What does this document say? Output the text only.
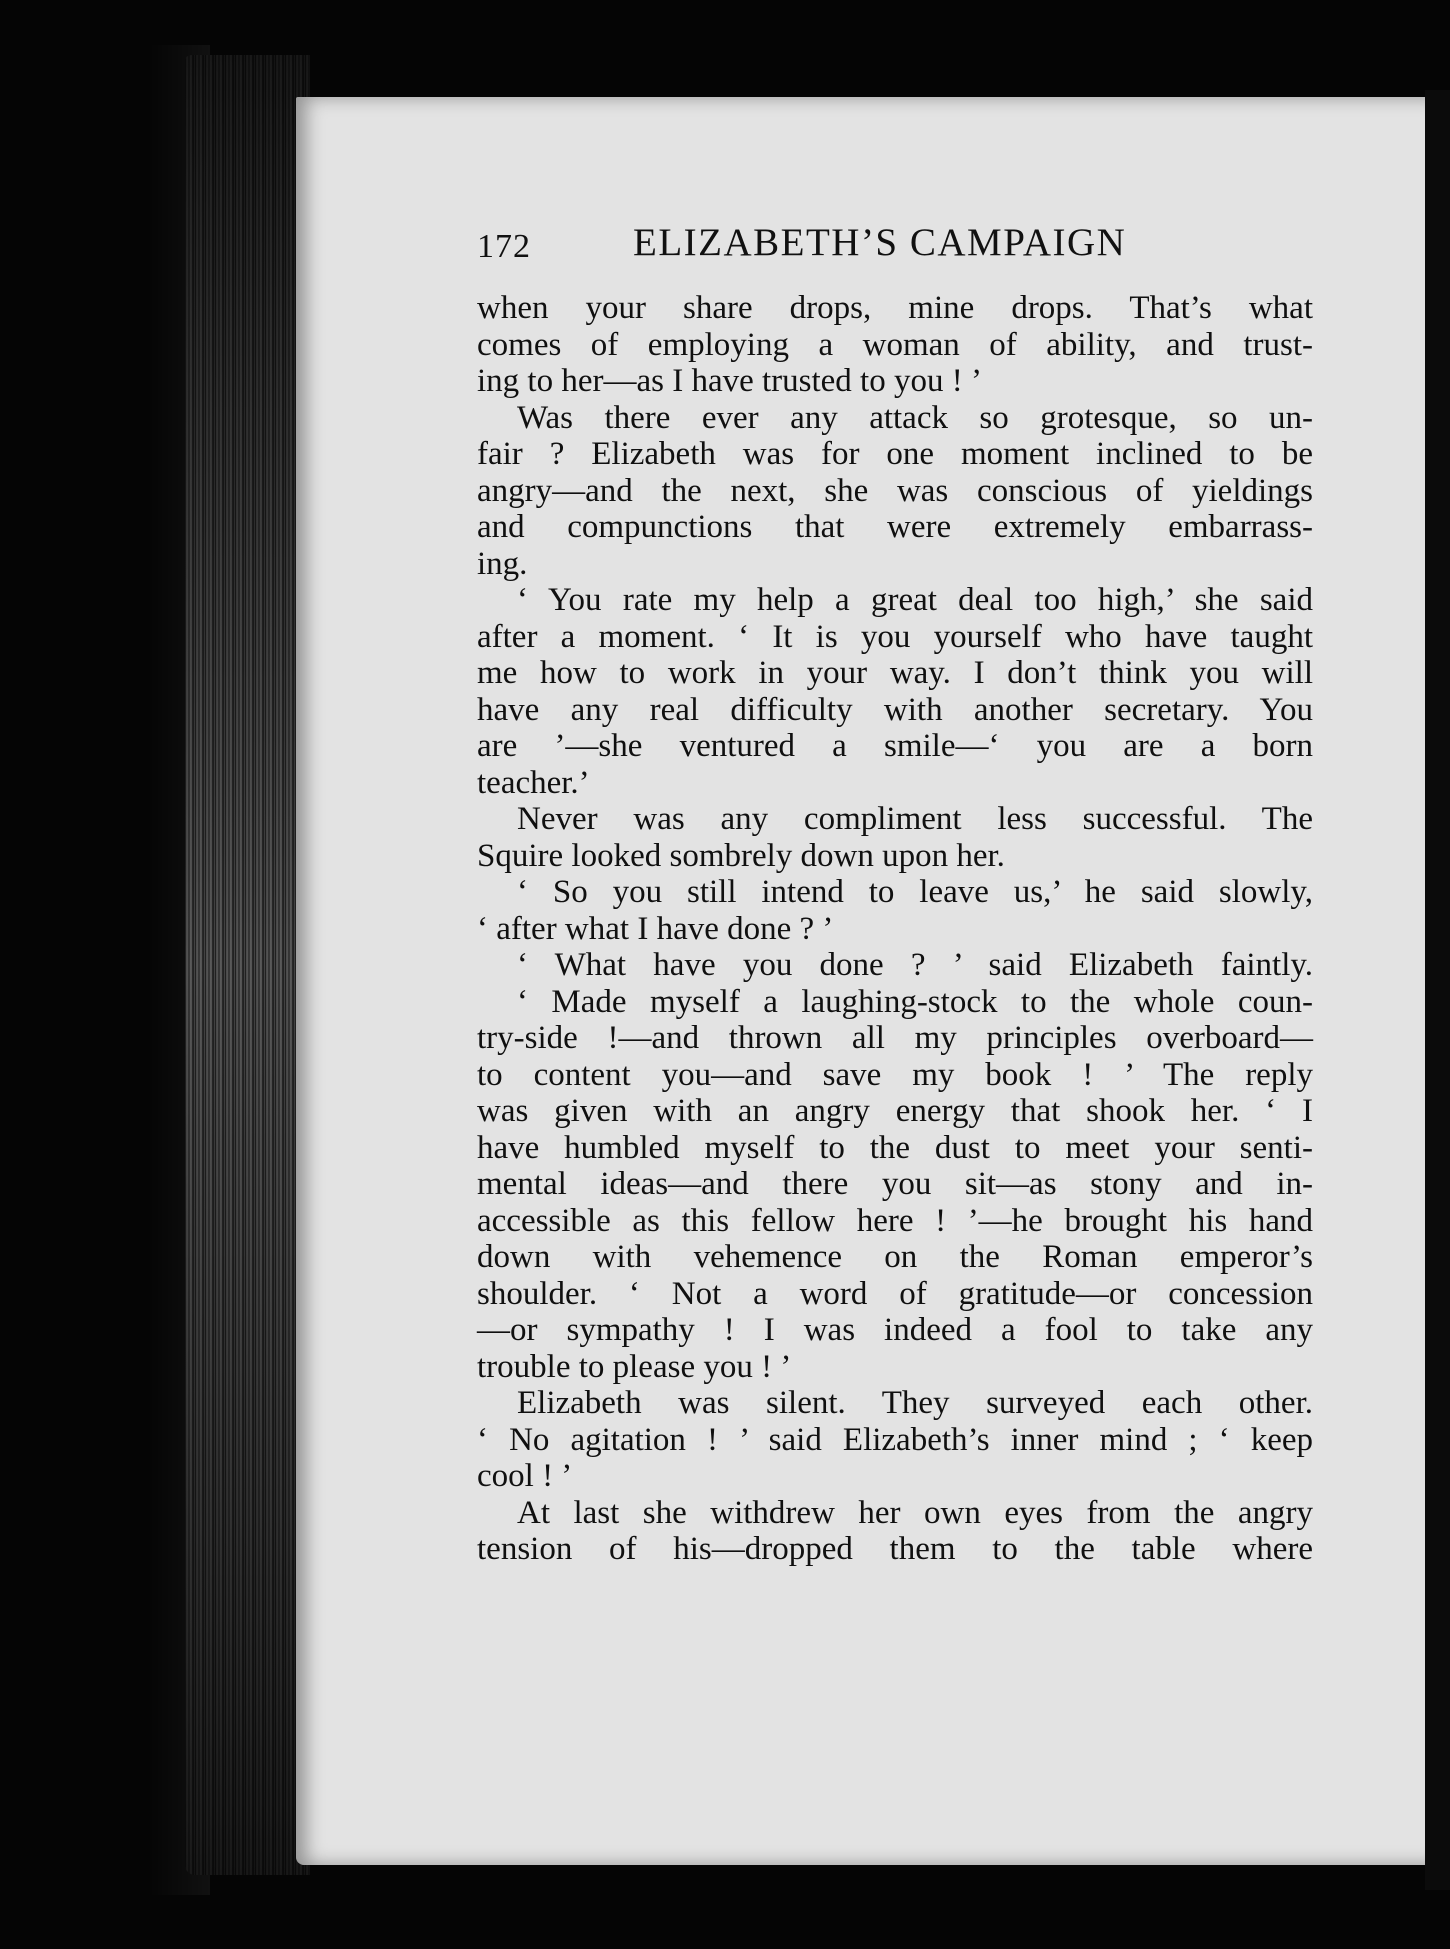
172	ELIZABETH’S CAMPAIGN
when your share drops, mine drops. That’s what
comes of employing a woman of ability, and trust-
ing to her—as I have trusted to you ! ’
Was there ever any attack so grotesque, so un-
fair ? Elizabeth was for one moment inclined to be
angry—and the next, she was conscious of yieldings
and compunctions that were extremely embarrass-
ing.
‘ You rate my help a great deal too high,’ she said
after a moment. ‘ It is you yourself who have taught
me how to work in your way. I don’t think you will
have any real difficulty with another secretary. You
are ’—she ventured a smile—‘ you are a born
teacher.’
Never was any compliment less successful. The
Squire looked sombrely down upon her.
‘ So you still intend to leave us,’ he said slowly,
‘ after what I have done ? ’
‘ What have you done ? ’ said Elizabeth faintly.
‘ Made myself a laughing-stock to the whole coun-
try-side !—and thrown all my principles overboard—
to content you—and save my book ! ’ The reply
was given with an angry energy that shook her. ‘ I
have humbled myself to the dust to meet your senti-
mental ideas—and there you sit—as stony and in-
accessible as this fellow here ! ’—he brought his hand
down with vehemence on the Roman emperor’s
shoulder. ‘ Not a word of gratitude—or concession
—or sympathy ! I was indeed a fool to take any
trouble to please you ! ’
Elizabeth was silent. They surveyed each other.
‘ No agitation ! ’ said Elizabeth’s inner mind ; ‘ keep
cool ! ’
At last she withdrew her own eyes from the angry
tension of his—dropped them to the table where
